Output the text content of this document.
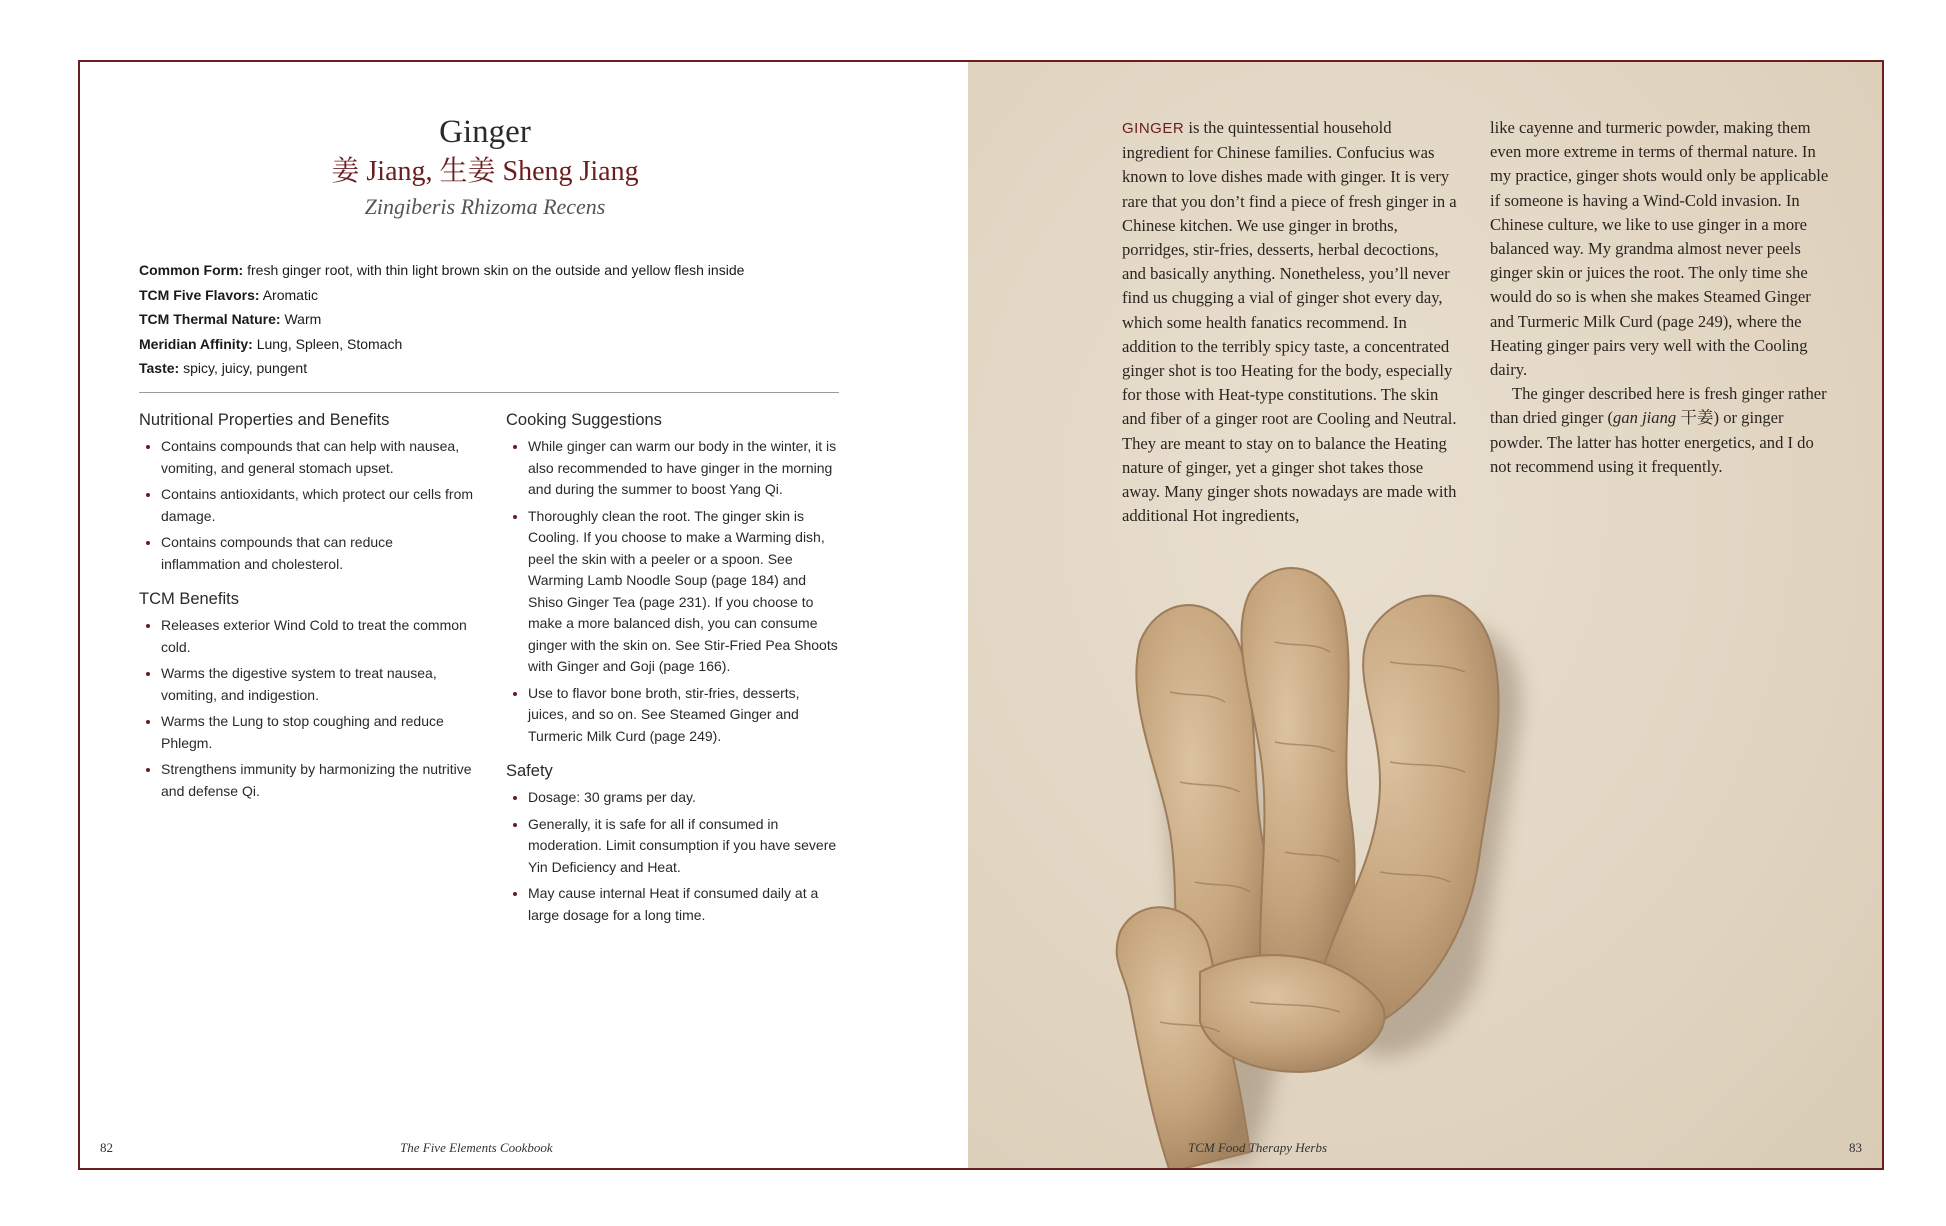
Ginger
姜 Jiang, 生姜 Sheng Jiang
Zingiberis Rhizoma Recens
Common Form: fresh ginger root, with thin light brown skin on the outside and yellow flesh inside
TCM Five Flavors: Aromatic
TCM Thermal Nature: Warm
Meridian Affinity: Lung, Spleen, Stomach
Taste: spicy, juicy, pungent
Nutritional Properties and Benefits
• Contains compounds that can help with nausea, vomiting, and general stomach upset.
• Contains antioxidants, which protect our cells from damage.
• Contains compounds that can reduce inflammation and cholesterol.
TCM Benefits
• Releases exterior Wind Cold to treat the common cold.
• Warms the digestive system to treat nausea, vomiting, and indigestion.
• Warms the Lung to stop coughing and reduce Phlegm.
• Strengthens immunity by harmonizing the nutritive and defense Qi.
Cooking Suggestions
• While ginger can warm our body in the winter, it is also recommended to have ginger in the morning and during the summer to boost Yang Qi.
• Thoroughly clean the root. The ginger skin is Cooling. If you choose to make a Warming dish, peel the skin with a peeler or a spoon. See Warming Lamb Noodle Soup (page 184) and Shiso Ginger Tea (page 231). If you choose to make a more balanced dish, you can consume ginger with the skin on. See Stir-Fried Pea Shoots with Ginger and Goji (page 166).
• Use to flavor bone broth, stir-fries, desserts, juices, and so on. See Steamed Ginger and Turmeric Milk Curd (page 249).
Safety
• Dosage: 30 grams per day.
• Generally, it is safe for all if consumed in moderation. Limit consumption if you have severe Yin Deficiency and Heat.
• May cause internal Heat if consumed daily at a large dosage for a long time.
82	The Five Elements Cookbook

GINGER is the quintessential household ingredient for Chinese families. Confucius was known to love dishes made with ginger. It is very rare that you don’t find a piece of fresh ginger in a Chinese kitchen. We use ginger in broths, porridges, stir-fries, desserts, herbal decoctions, and basically anything. Nonetheless, you’ll never find us chugging a vial of ginger shot every day, which some health fanatics recommend. In addition to the terribly spicy taste, a concentrated ginger shot is too Heating for the body, especially for those with Heat-type constitutions. The skin and fiber of a ginger root are Cooling and Neutral. They are meant to stay on to balance the Heating nature of ginger, yet a ginger shot takes those away. Many ginger shots nowadays are made with additional Hot ingredients,

like cayenne and turmeric powder, making them even more extreme in terms of thermal nature. In my practice, ginger shots would only be applicable if someone is having a Wind-Cold invasion. In Chinese culture, we like to use ginger in a more balanced way. My grandma almost never peels ginger skin or juices the root. The only time she would do so is when she makes Steamed Ginger and Turmeric Milk Curd (page 249), where the Heating ginger pairs very well with the Cooling dairy.

The ginger described here is fresh ginger rather than dried ginger (gan jiang 干姜) or ginger powder. The latter has hotter energetics, and I do not recommend using it frequently.

TCM Food Therapy Herbs	83
